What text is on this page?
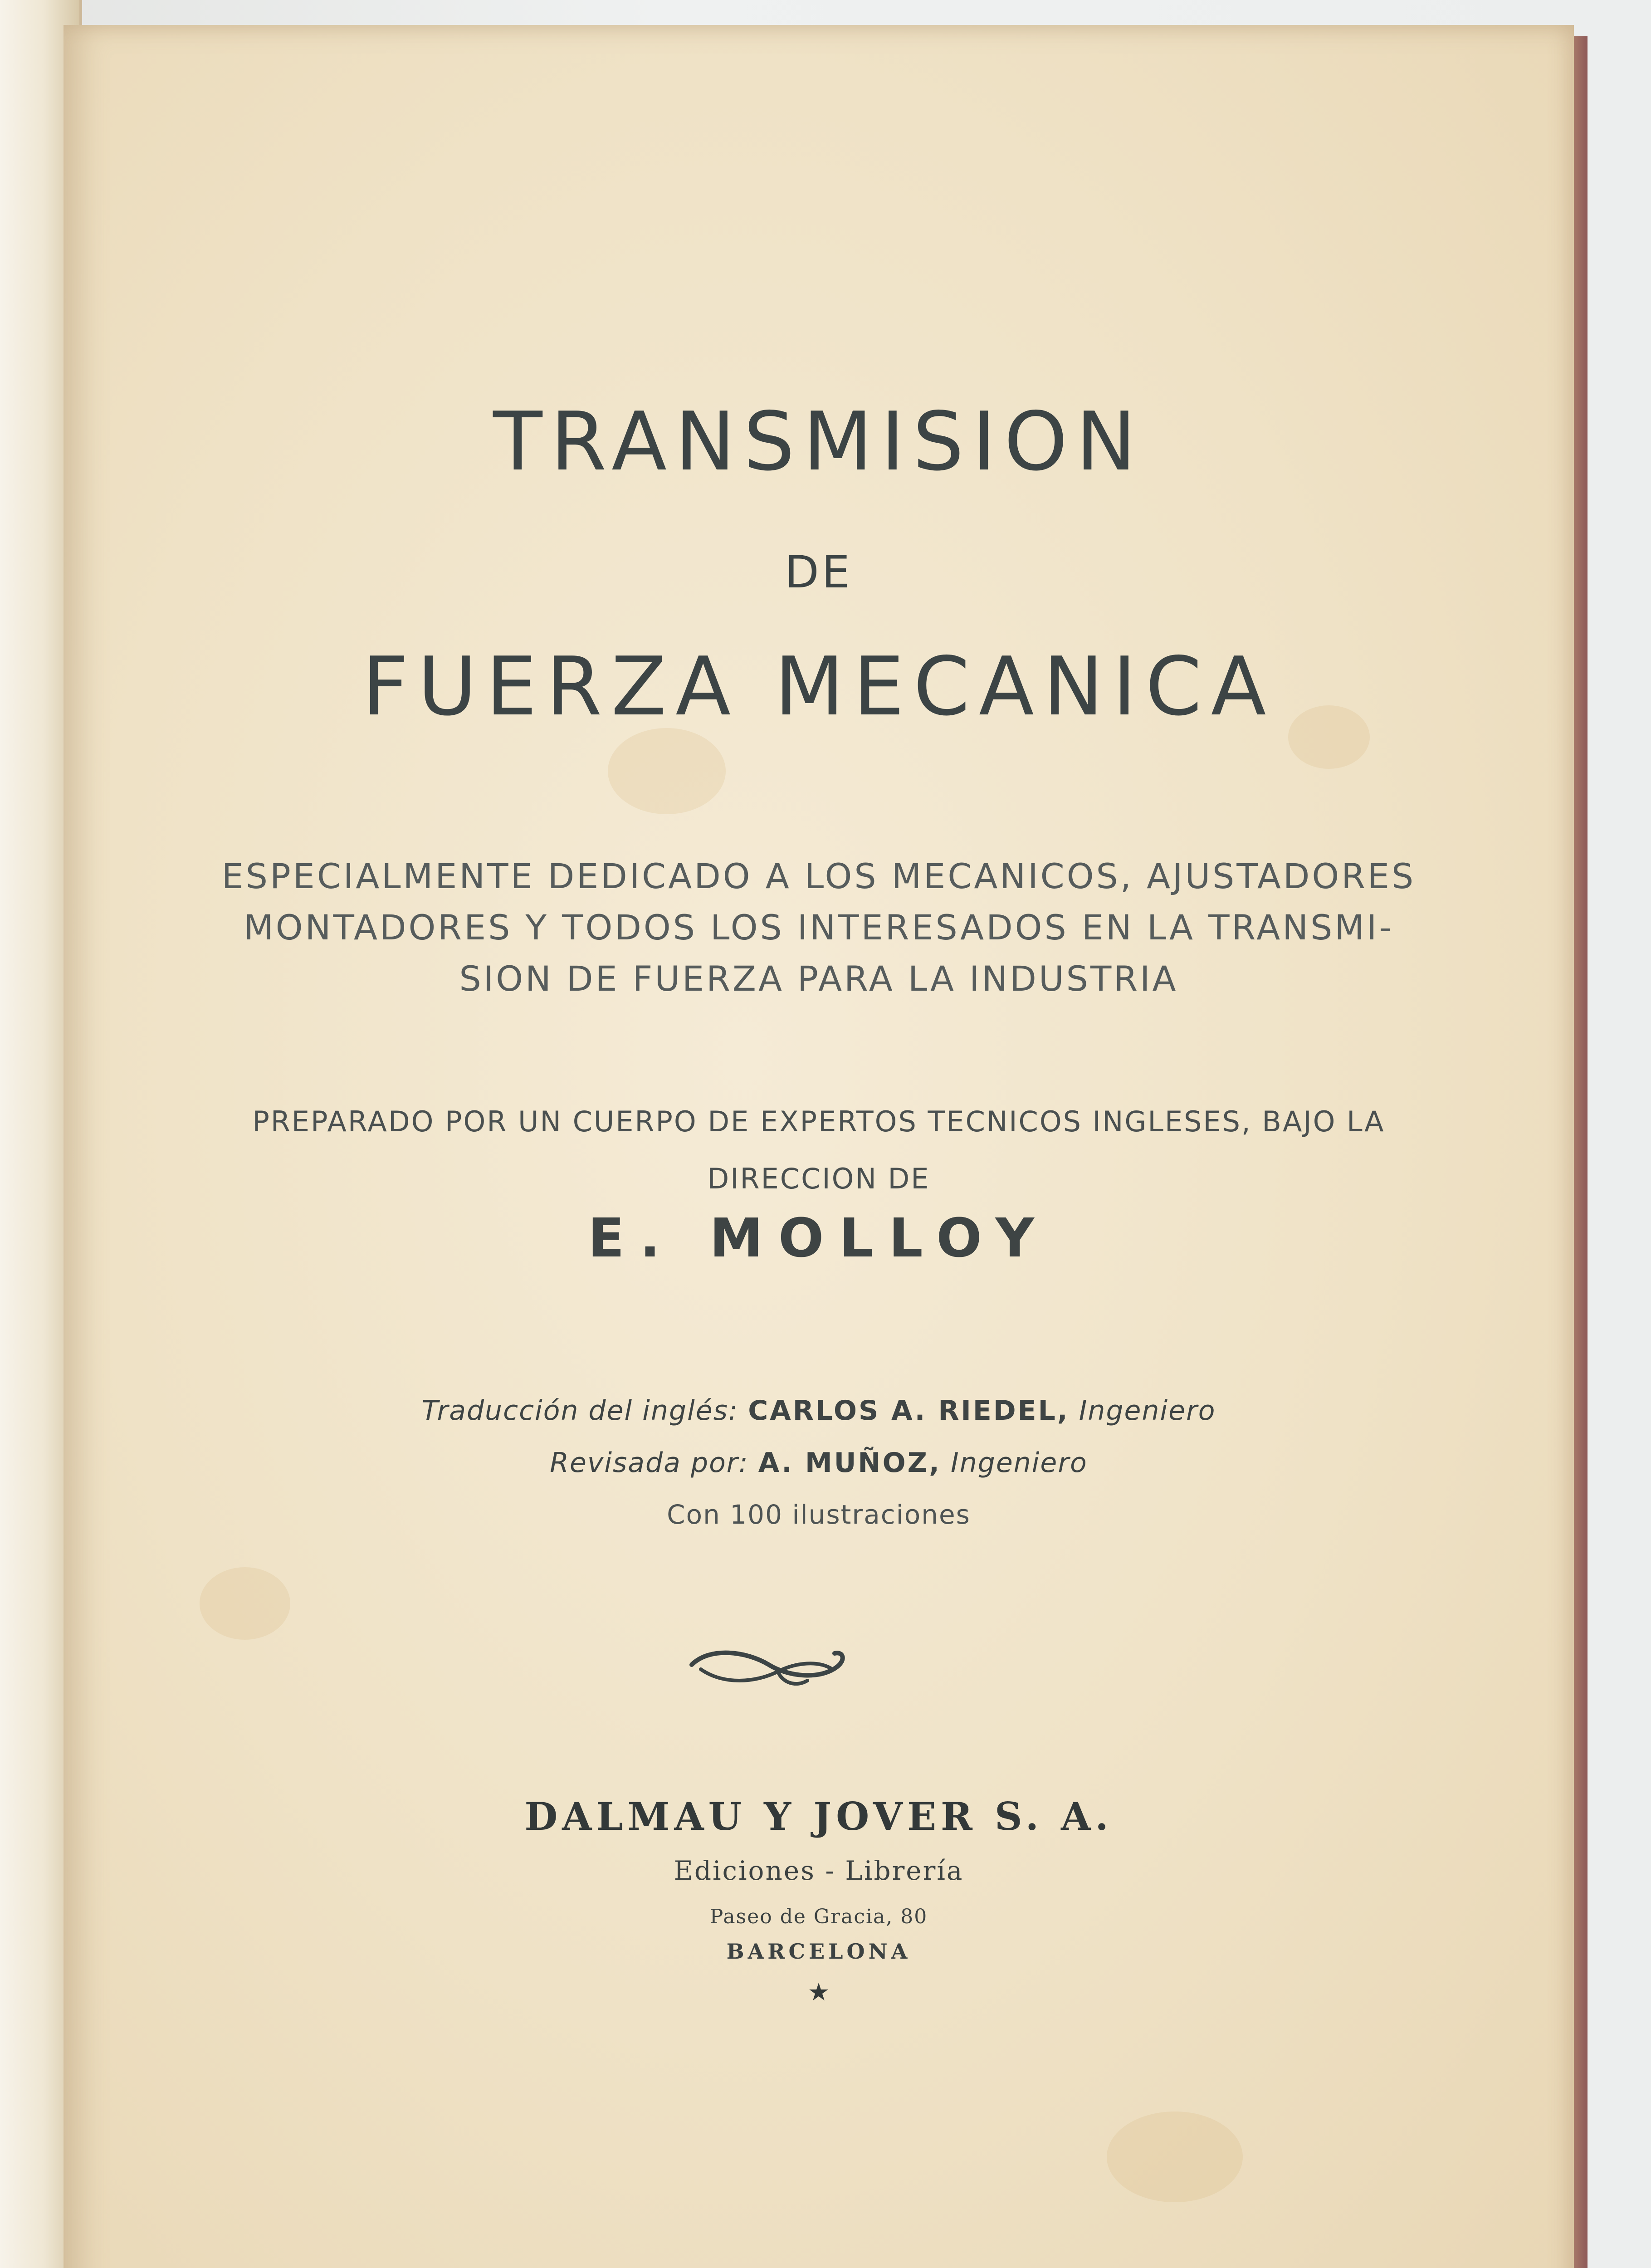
TRANSMISION
DE
FUERZA MECANICA
ESPECIALMENTE DEDICADO A LOS MECANICOS, AJUSTADORES
MONTADORES Y TODOS LOS INTERESADOS EN LA TRANSMI-
SION DE FUERZA PARA LA INDUSTRIA
PREPARADO POR UN CUERPO DE EXPERTOS TECNICOS INGLESES, BAJO LA
DIRECCION DE
E. MOLLOY
Traducción del inglés: CARLOS A. RIEDEL, Ingeniero
Revisada por: A. MUÑOZ, Ingeniero
Con 100 ilustraciones
DALMAU Y JOVER S. A.
Ediciones - Librería
Paseo de Gracia, 80
BARCELONA
★
